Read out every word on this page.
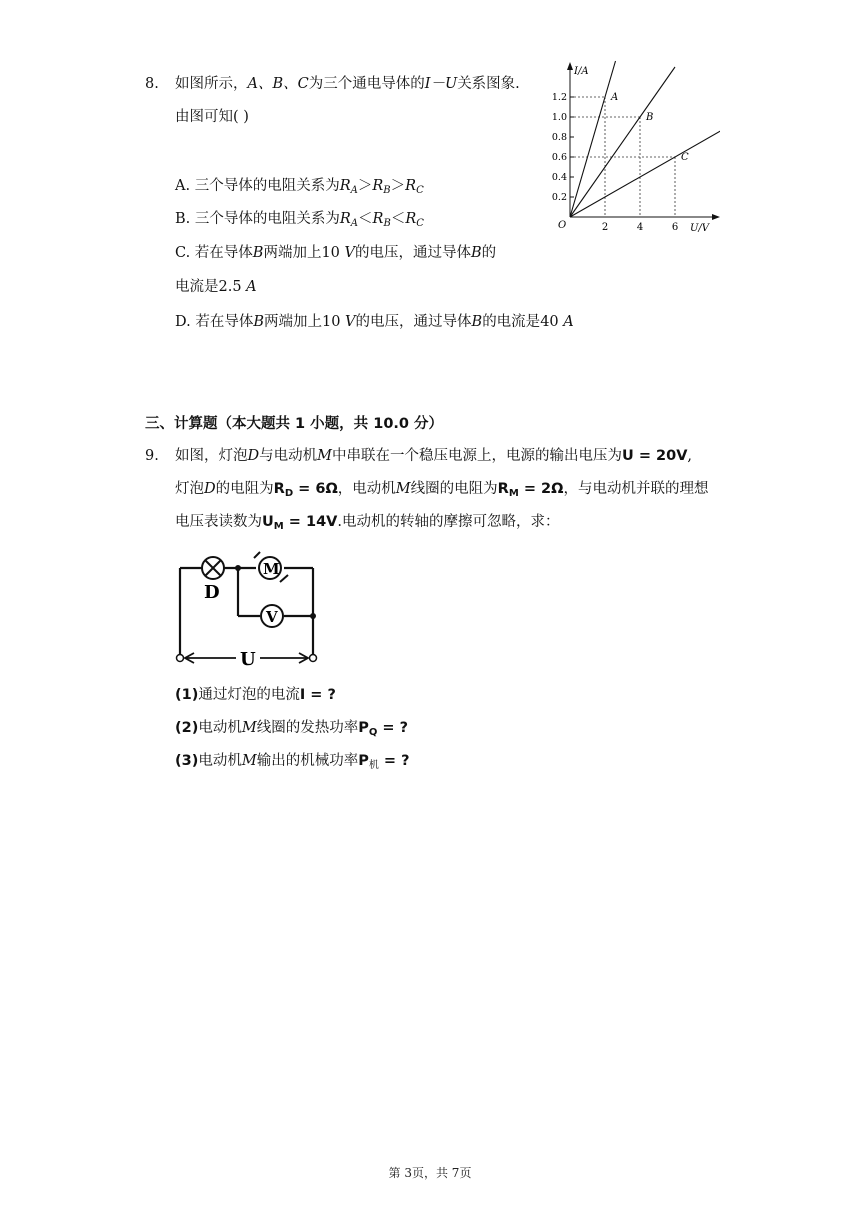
8. 如图所示，A、B、C为三个通电导体的I－U关系图象.
由图可知( )
A. 三个导体的电阻关系为$R_A>R_B>R_C$
B. 三个导体的电阻关系为$R_A<R_B<R_C$
C. 若在导体B两端加上10 V的电压，通过导体B的
电流是2.5 A
D. 若在导体B两端加上10 V的电压，通过导体B的电流是40 A
I/A
U/V
O
0.2
0.4
0.6
0.8
1.0
1.2
2	4	6
A
B
C
三、计算题（本大题共 1 小题，共 10.0 分）
9. 如图，灯泡D与电动机M中串联在一个稳压电源上，电源的输出电压为U = 20V,
灯泡D的电阻为$R_D = 6\Omega$，电动机M线圈的电阻为$R_M = 2\Omega$，与电动机并联的理想
电压表读数为$U_M = 14V$.电动机的转轴的摩擦可忽略，求：
D
M
V
U
(1)通过灯泡的电流I = ?
(2)电动机M线圈的发热功率$P_Q$ = ?
(3)电动机M输出的机械功率$P_机$ = ?
第 3页，共 7页
